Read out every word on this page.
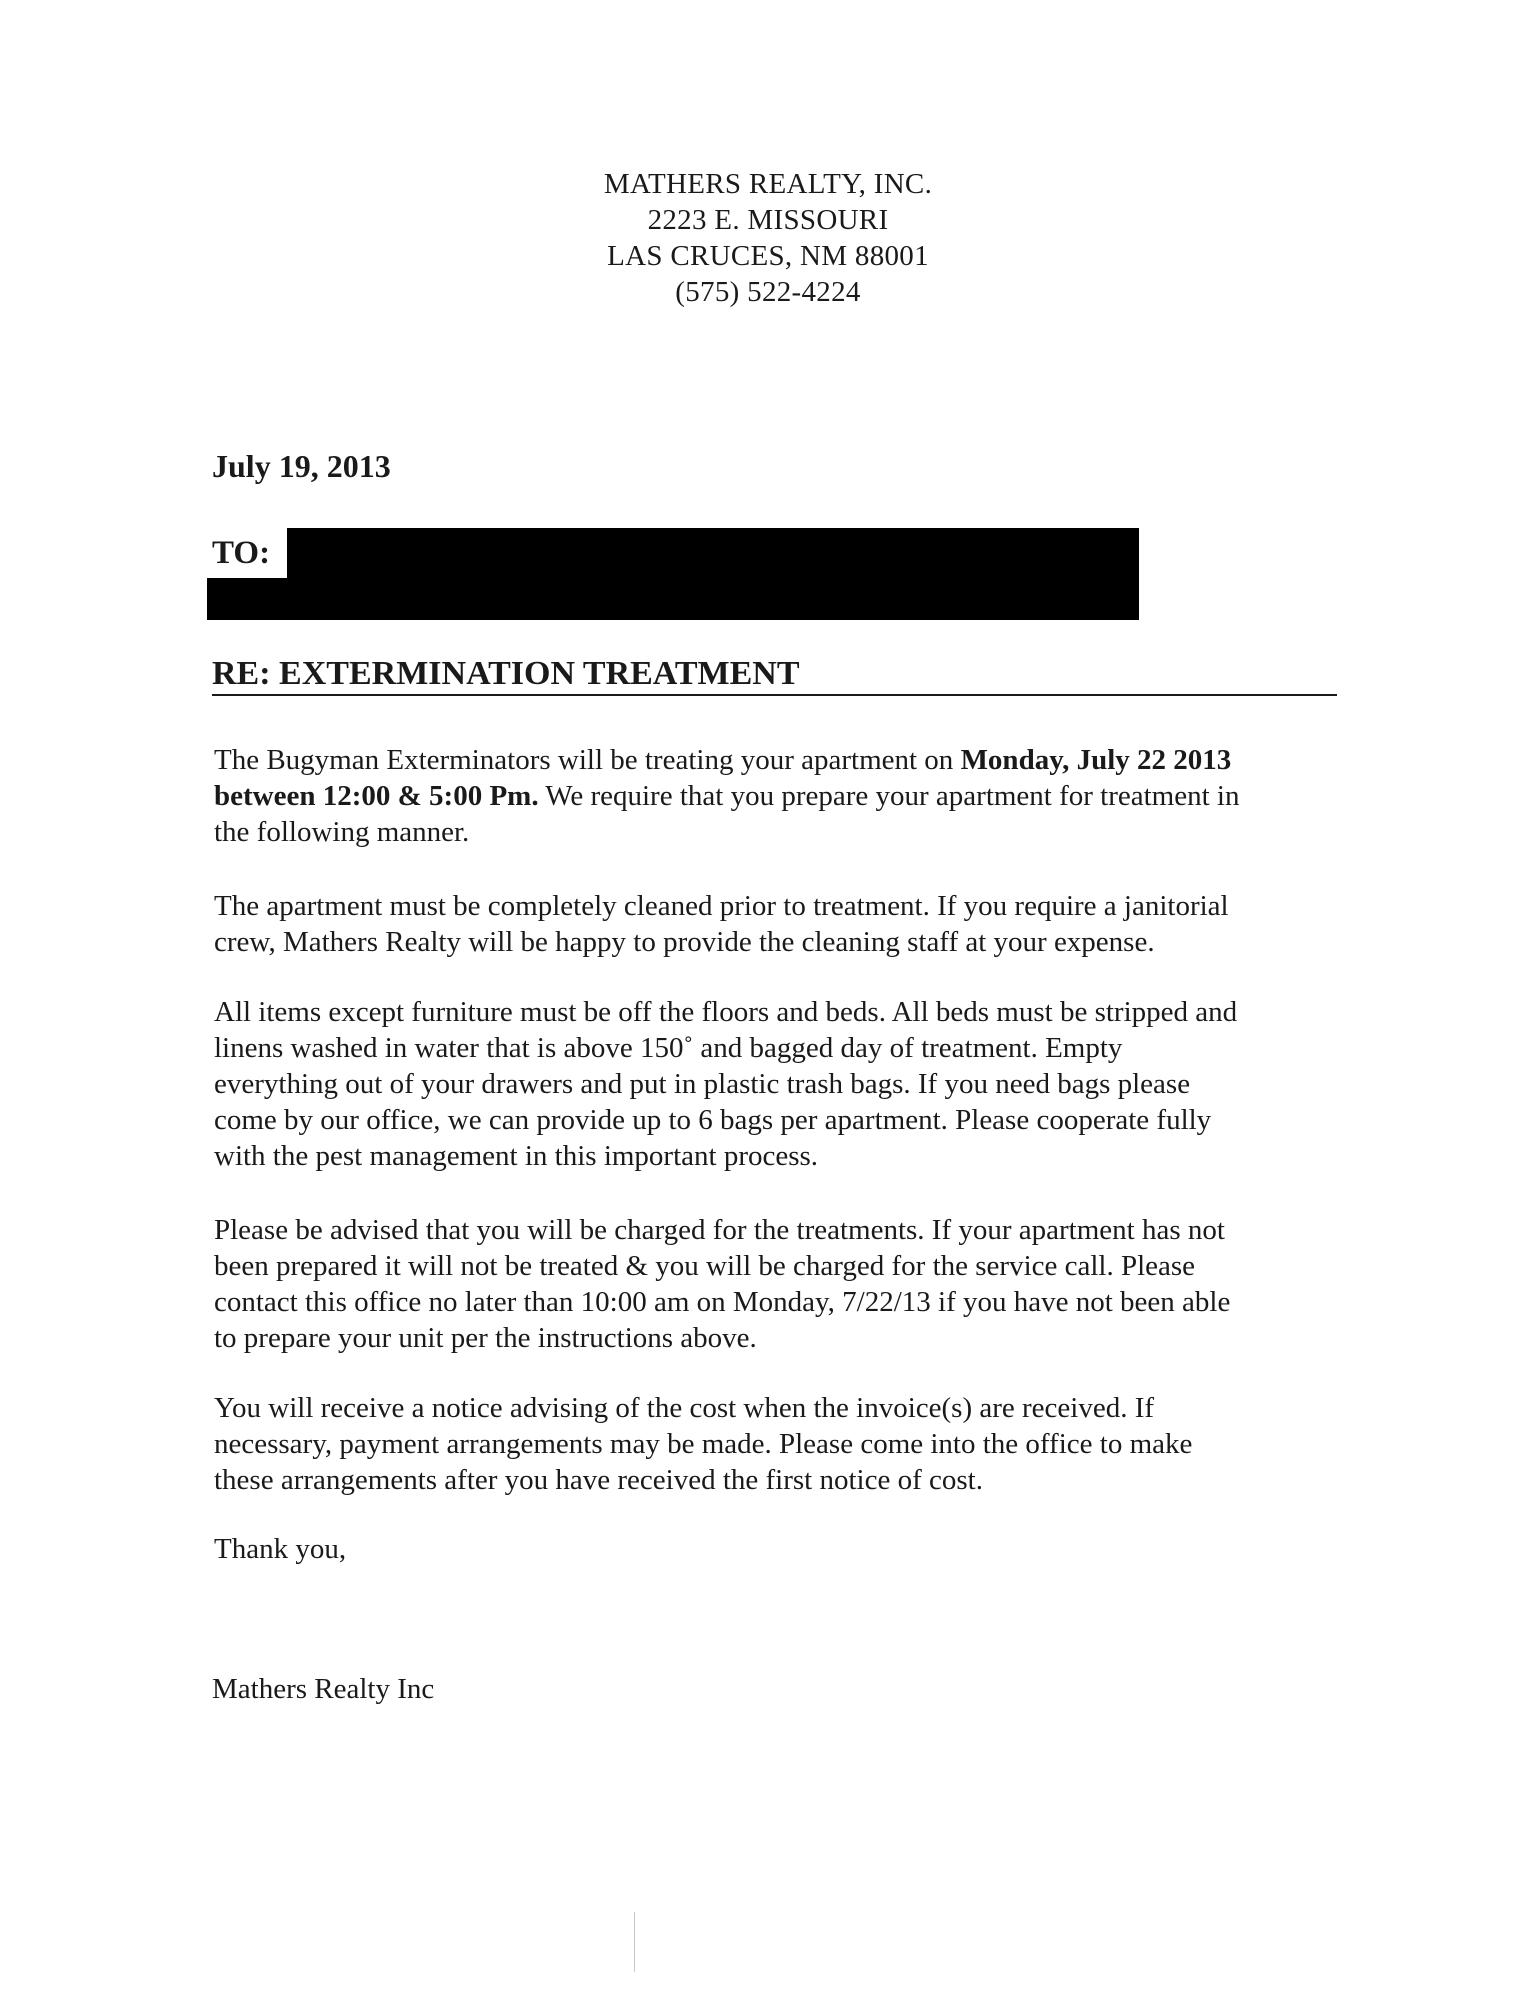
MATHERS REALTY, INC.
2223 E. MISSOURI
LAS CRUCES, NM 88001
(575) 522-4224
July 19, 2013
TO:
RE: EXTERMINATION TREATMENT
The Bugyman Exterminators will be treating your apartment on Monday, July 22 2013
between 12:00 & 5:00 Pm. We require that you prepare your apartment for treatment in
the following manner.
The apartment must be completely cleaned prior to treatment. If you require a janitorial
crew, Mathers Realty will be happy to provide the cleaning staff at your expense.
All items except furniture must be off the floors and beds. All beds must be stripped and
linens washed in water that is above 150˚ and bagged day of treatment. Empty
everything out of your drawers and put in plastic trash bags. If you need bags please
come by our office, we can provide up to 6 bags per apartment. Please cooperate fully
with the pest management in this important process.
Please be advised that you will be charged for the treatments. If your apartment has not
been prepared it will not be treated & you will be charged for the service call. Please
contact this office no later than 10:00 am on Monday, 7/22/13 if you have not been able
to prepare your unit per the instructions above.
You will receive a notice advising of the cost when the invoice(s) are received. If
necessary, payment arrangements may be made. Please come into the office to make
these arrangements after you have received the first notice of cost.
Thank you,
Mathers Realty Inc
